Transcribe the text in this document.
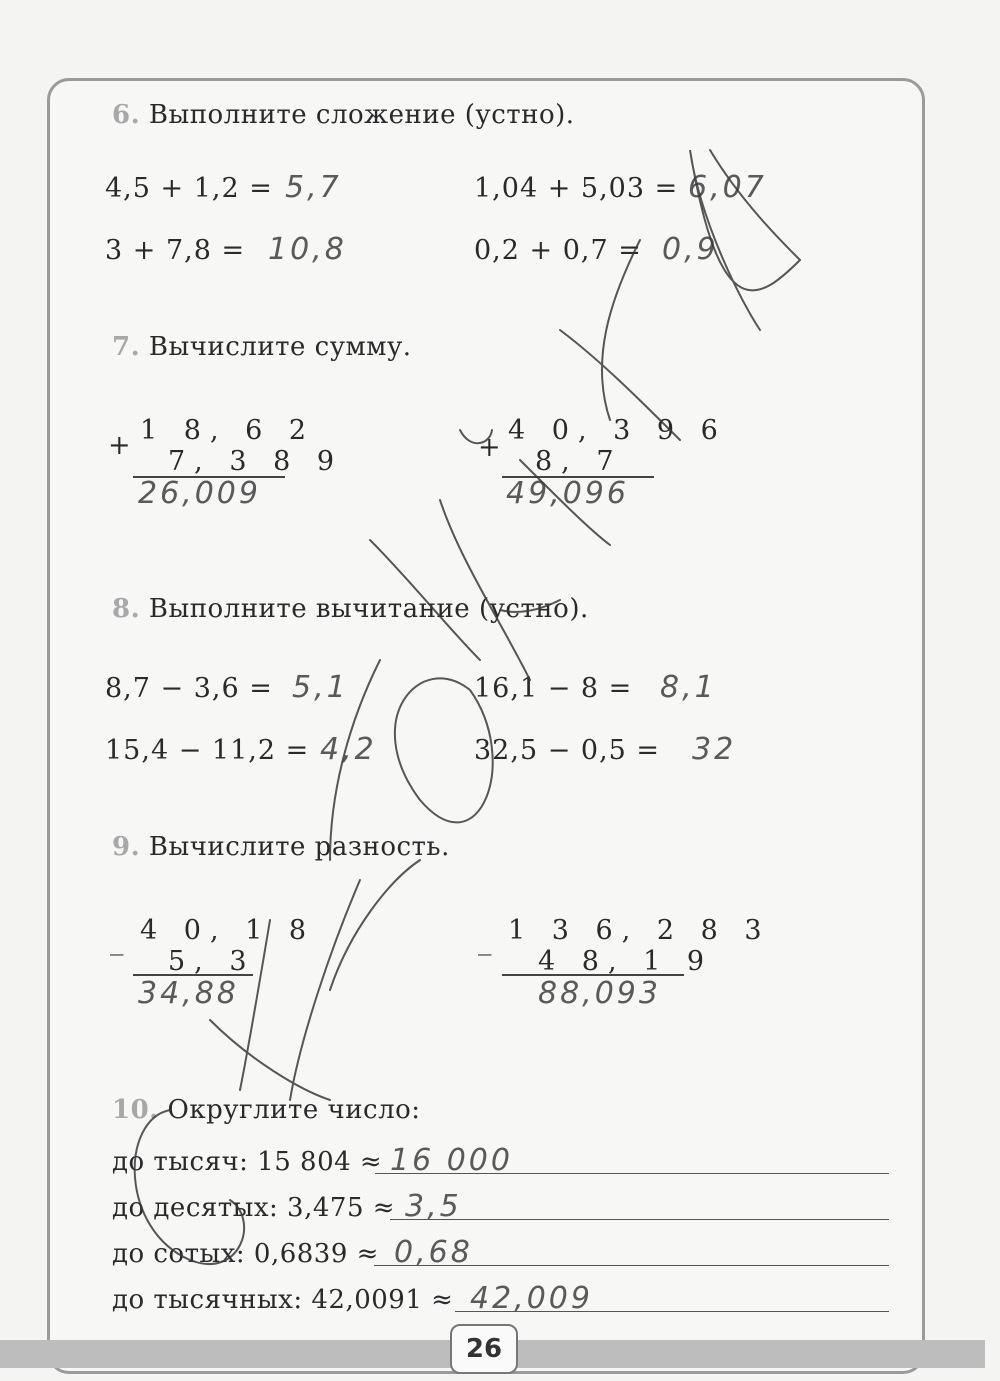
6. Выполните сложение (устно).
4,5 + 1,2 = 5,7	1,04 + 5,03 = 6,07
3 + 7,8 = 10,8	0,2 + 0,7 = 0,9
7. Вычислите сумму.
+ 1 8, 6 2
7, 3 8 9
26,009
+
4 0, 3 9 6
8, 7
49,096
8. Выполните вычитание (устно).
8,7 − 3,6 = 5,1	16,1 − 8 = 8,1
15,4 − 11,2 = 4,2	32,5 − 0,5 = 32
9. Вычислите разность.
_ 4 0, 1 8
5, 3
34,88
_ 1 3 6, 2 8 3
4 8, 1 9
88,093
10. Округлите число:
до тысяч: 15 804 ≈ 16 000
до десятых: 3,475 ≈ 3,5
до сотых: 0,6839 ≈ 0,68
до тысячных: 42,0091 ≈ 42,009
26
